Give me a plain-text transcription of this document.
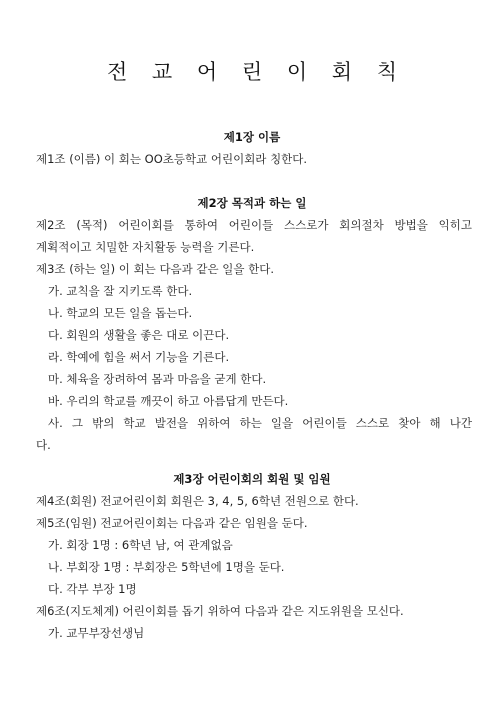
전 교 어 린 이 회 칙
제1장 이름
제1조 (이름) 이 회는 OO초등학교 어린이회라 칭한다.
제2장 목적과 하는 일
제2조 (목적) 어린이회를 통하여 어린이들 스스로가 회의절차 방법을 익히고
계획적이고 치밀한 자치활동 능력을 기른다.
제3조 (하는 일) 이 회는 다음과 같은 일을 한다.
가. 교칙을 잘 지키도록 한다.
나. 학교의 모든 일을 돕는다.
다. 회원의 생활을 좋은 대로 이끈다.
라. 학예에 힘을 써서 기능을 기른다.
마. 체육을 장려하여 몸과 마음을 굳게 한다.
바. 우리의 학교를 깨끗이 하고 아름답게 만든다.
사. 그 밖의 학교 발전을 위하여 하는 일을 어린이들 스스로 찾아 해 나간
다.
제3장 어린이회의 회원 및 임원
제4조(회원) 전교어린이회 회원은 3, 4, 5, 6학년 전원으로 한다.
제5조(임원) 전교어린이회는 다음과 같은 임원을 둔다.
가. 회장 1명 : 6학년 남, 여 관계없음
나. 부회장 1명 : 부회장은 5학년에 1명을 둔다.
다. 각부 부장 1명
제6조(지도체계) 어린이회를 돕기 위하여 다음과 같은 지도위원을 모신다.
가. 교무부장선생님
